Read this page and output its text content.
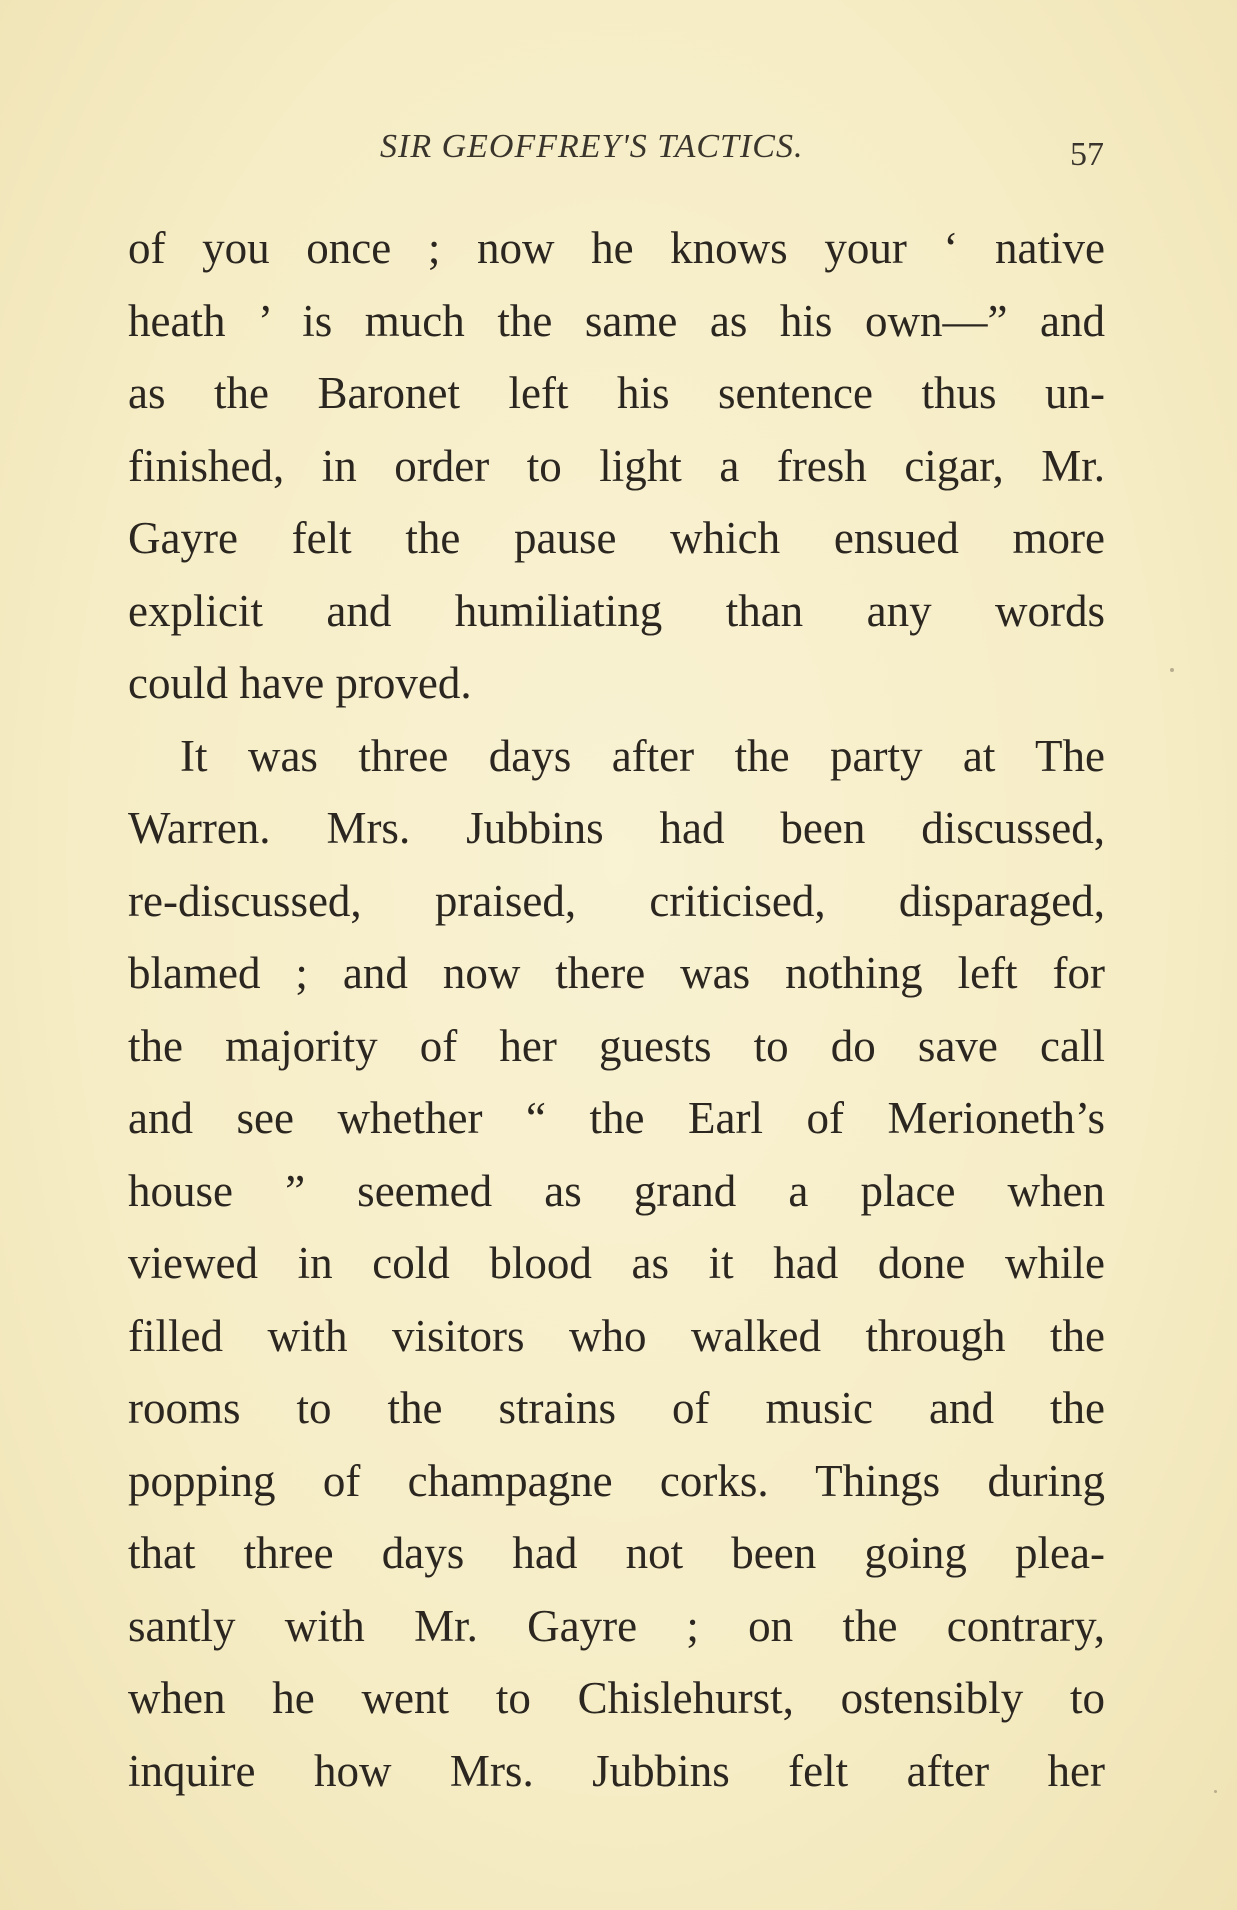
SIR GEOFFREY'S TACTICS.	57
of you once ; now he knows your ‘ native
heath ’ is much the same as his own—” and
as the Baronet left his sentence thus un-
finished, in order to light a fresh cigar, Mr.
Gayre felt the pause which ensued more
explicit and humiliating than any words
could have proved.
It was three days after the party at The
Warren. Mrs. Jubbins had been discussed,
re-discussed, praised, criticised, disparaged,
blamed ; and now there was nothing left for
the majority of her guests to do save call
and see whether “ the Earl of Merioneth’s
house ” seemed as grand a place when
viewed in cold blood as it had done while
filled with visitors who walked through the
rooms to the strains of music and the
popping of champagne corks. Things during
that three days had not been going plea-
santly with Mr. Gayre ; on the contrary,
when he went to Chislehurst, ostensibly to
inquire how Mrs. Jubbins felt after her
